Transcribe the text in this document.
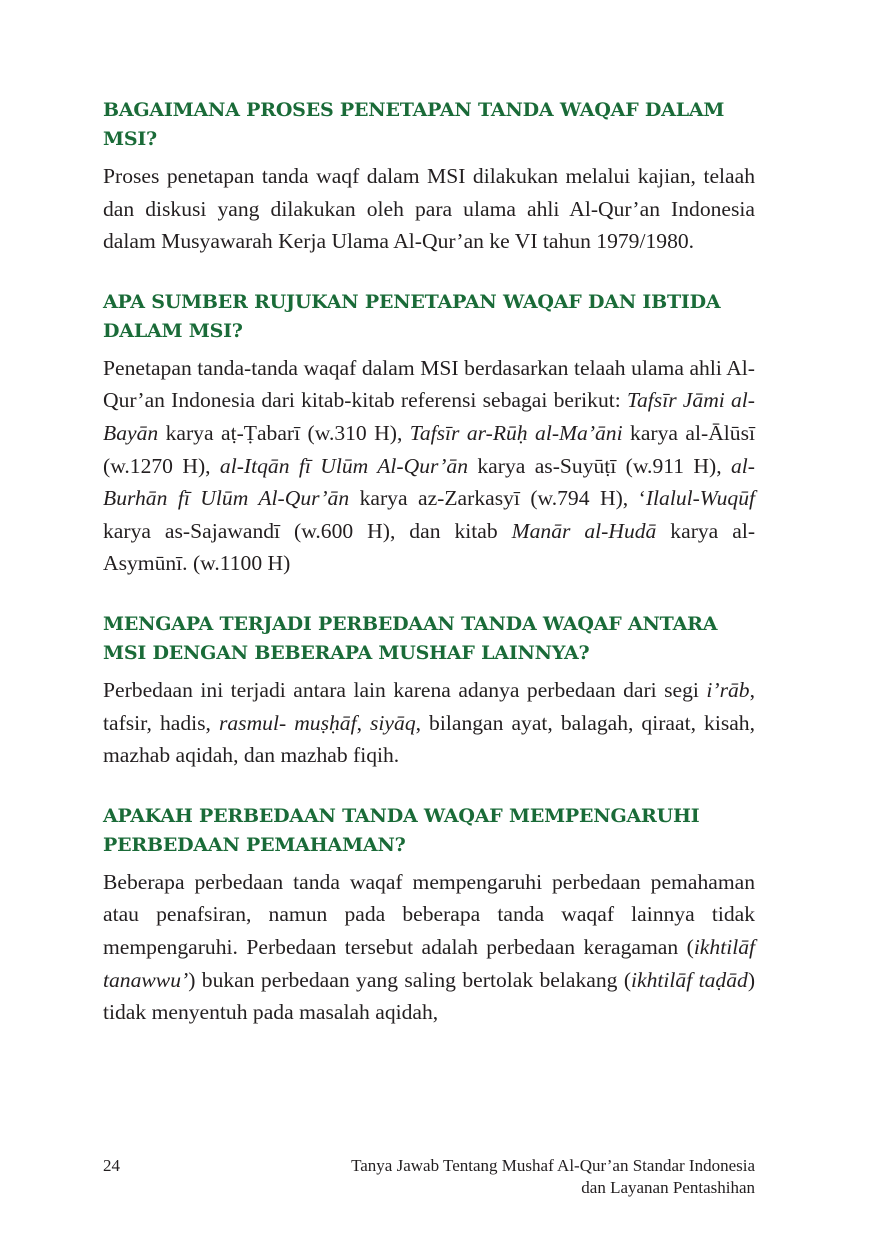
BAGAIMANA PROSES PENETAPAN TANDA WAQAF DALAM MSI?

Proses penetapan tanda waqf dalam MSI dilakukan melalui kajian, telaah dan diskusi yang dilakukan oleh para ulama ahli Al-Qur’an Indonesia dalam Musyawarah Kerja Ulama Al-Qur’an ke VI tahun 1979/1980.

APA SUMBER RUJUKAN PENETAPAN WAQAF DAN IBTIDA DALAM MSI?

Penetapan tanda-tanda waqaf dalam MSI berdasarkan telaah ulama ahli Al-Qur’an Indonesia dari kitab-kitab referensi sebagai berikut: Tafsīr Jāmi al-Bayān karya aṭ-Ṭabarī (w.310 H), Tafsīr ar-Rūḥ al-Ma’āni karya al-Ālūsī (w.1270 H), al-Itqān fī Ulūm Al-Qur’ān karya as-Suyūṭī (w.911 H), al-Burhān fī Ulūm Al-Qur’ān karya az-Zarkasyī (w.794 H), ‘Ilalul-Wuqūf karya as-Sajawandī (w.600 H), dan kitab Manār al-Hudā karya al-Asymūnī. (w.1100 H)

MENGAPA TERJADI PERBEDAAN TANDA WAQAF ANTARA MSI DENGAN BEBERAPA MUSHAF LAINNYA?

Perbedaan ini terjadi antara lain karena adanya perbedaan dari segi i’rāb, tafsir, hadis, rasmul- muṣḥāf, siyāq, bilangan ayat, balagah, qiraat, kisah, mazhab aqidah, dan mazhab fiqih.

APAKAH PERBEDAAN TANDA WAQAF MEMPENGARUHI PERBEDAAN PEMAHAMAN?

Beberapa perbedaan tanda waqaf mempengaruhi perbedaan pemahaman atau penafsiran, namun pada beberapa tanda waqaf lainnya tidak mempengaruhi. Perbedaan tersebut adalah perbedaan keragaman (ikhtilāf tanawwu’) bukan perbedaan yang saling bertolak belakang (ikhtilāf taḍād) tidak menyentuh pada masalah aqidah,

24	Tanya Jawab Tentang Mushaf Al-Qur’an Standar Indonesia
dan Layanan Pentashihan
